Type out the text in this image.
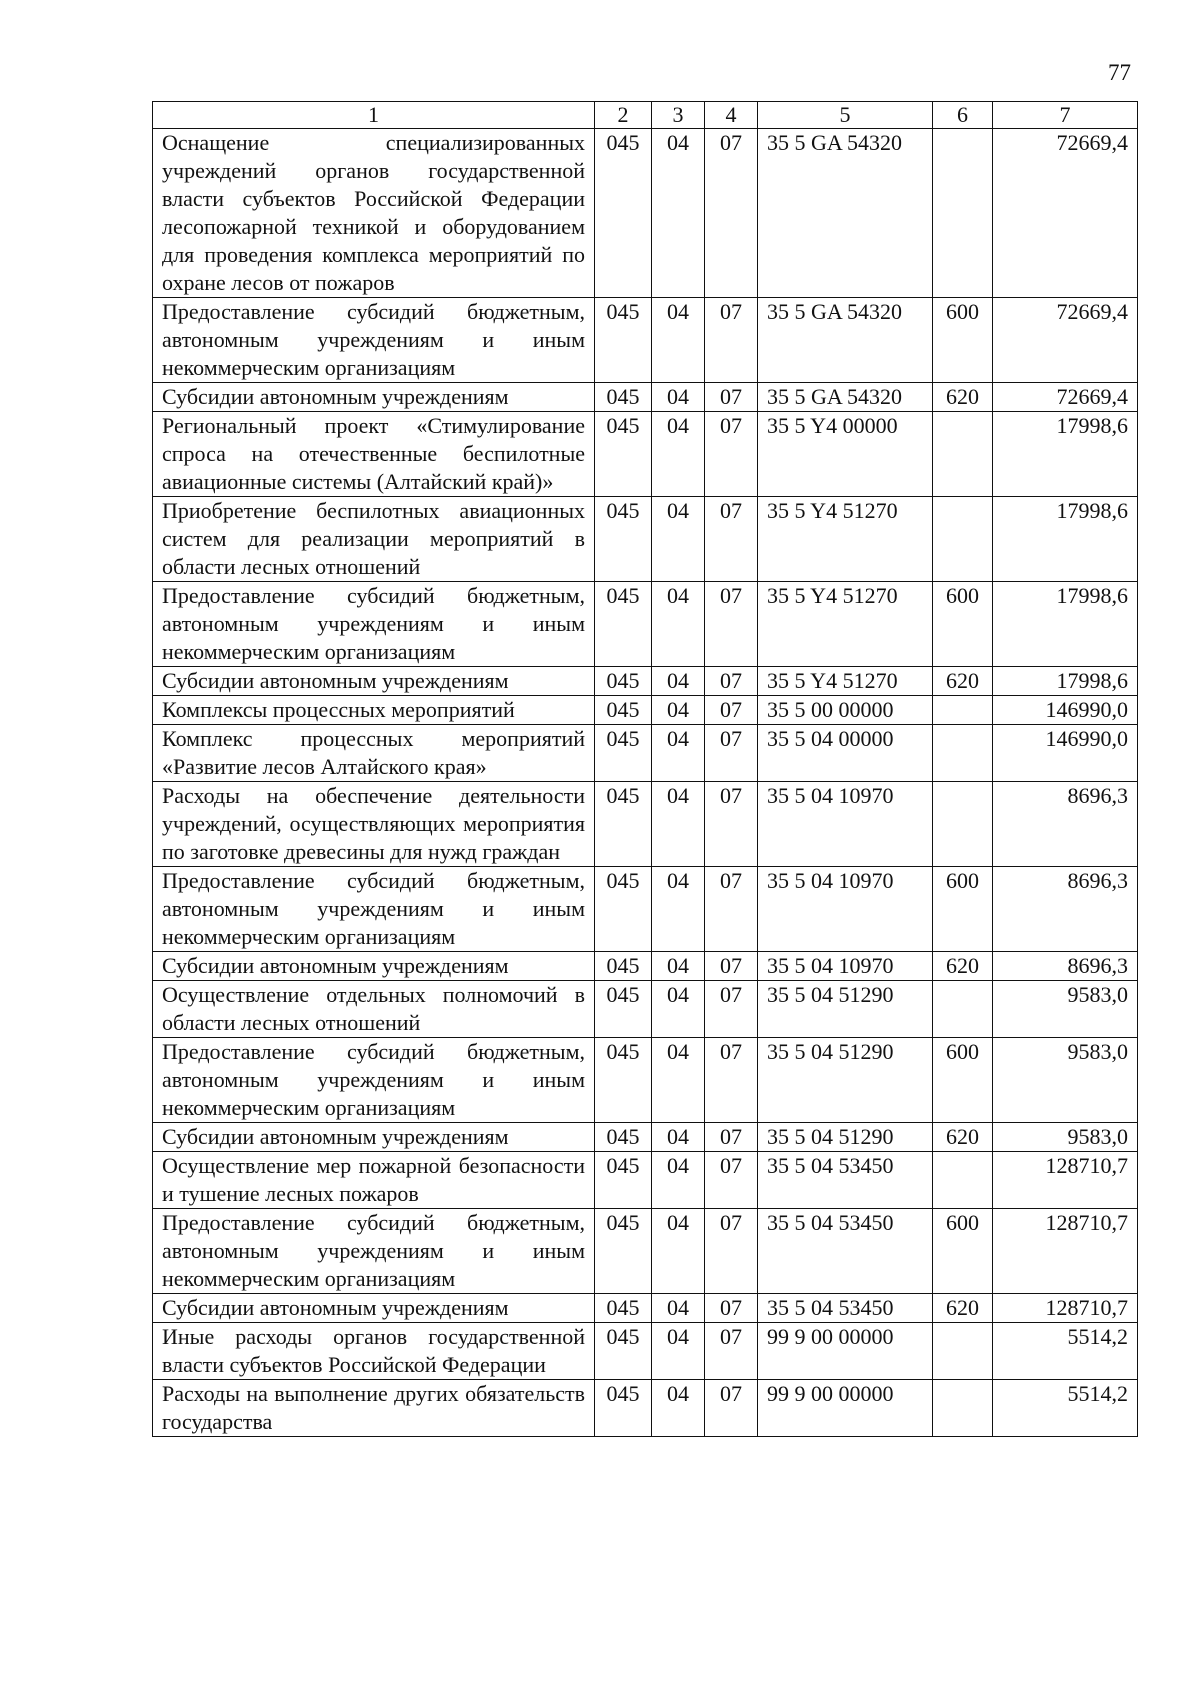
77
1	2	3	4	5	6	7
Оснащение специализированных учреждений органов государственной власти субъектов Российской Федерации лесопожарной техникой и оборудованием для проведения комплекса мероприятий по охране лесов от пожаров	045	04	07	35 5 GA 54320		72669,4
Предоставление субсидий бюджетным, автономным учреждениям и иным некоммерческим организациям	045	04	07	35 5 GA 54320	600	72669,4
Субсидии автономным учреждениям	045	04	07	35 5 GA 54320	620	72669,4
Региональный проект «Стимулирование спроса на отечественные беспилотные авиационные системы (Алтайский край)»	045	04	07	35 5 Y4 00000		17998,6
Приобретение беспилотных авиационных систем для реализации мероприятий в области лесных отношений	045	04	07	35 5 Y4 51270		17998,6
Предоставление субсидий бюджетным, автономным учреждениям и иным некоммерческим организациям	045	04	07	35 5 Y4 51270	600	17998,6
Субсидии автономным учреждениям	045	04	07	35 5 Y4 51270	620	17998,6
Комплексы процессных мероприятий	045	04	07	35 5 00 00000		146990,0
Комплекс процессных мероприятий «Развитие лесов Алтайского края»	045	04	07	35 5 04 00000		146990,0
Расходы на обеспечение деятельности учреждений, осуществляющих мероприятия по заготовке древесины для нужд граждан	045	04	07	35 5 04 10970		8696,3
Предоставление субсидий бюджетным, автономным учреждениям и иным некоммерческим организациям	045	04	07	35 5 04 10970	600	8696,3
Субсидии автономным учреждениям	045	04	07	35 5 04 10970	620	8696,3
Осуществление отдельных полномочий в области лесных отношений	045	04	07	35 5 04 51290		9583,0
Предоставление субсидий бюджетным, автономным учреждениям и иным некоммерческим организациям	045	04	07	35 5 04 51290	600	9583,0
Субсидии автономным учреждениям	045	04	07	35 5 04 51290	620	9583,0
Осуществление мер пожарной безопасности и тушение лесных пожаров	045	04	07	35 5 04 53450		128710,7
Предоставление субсидий бюджетным, автономным учреждениям и иным некоммерческим организациям	045	04	07	35 5 04 53450	600	128710,7
Субсидии автономным учреждениям	045	04	07	35 5 04 53450	620	128710,7
Иные расходы органов государственной власти субъектов Российской Федерации	045	04	07	99 9 00 00000		5514,2
Расходы на выполнение других обязательств государства	045	04	07	99 9 00 00000		5514,2
